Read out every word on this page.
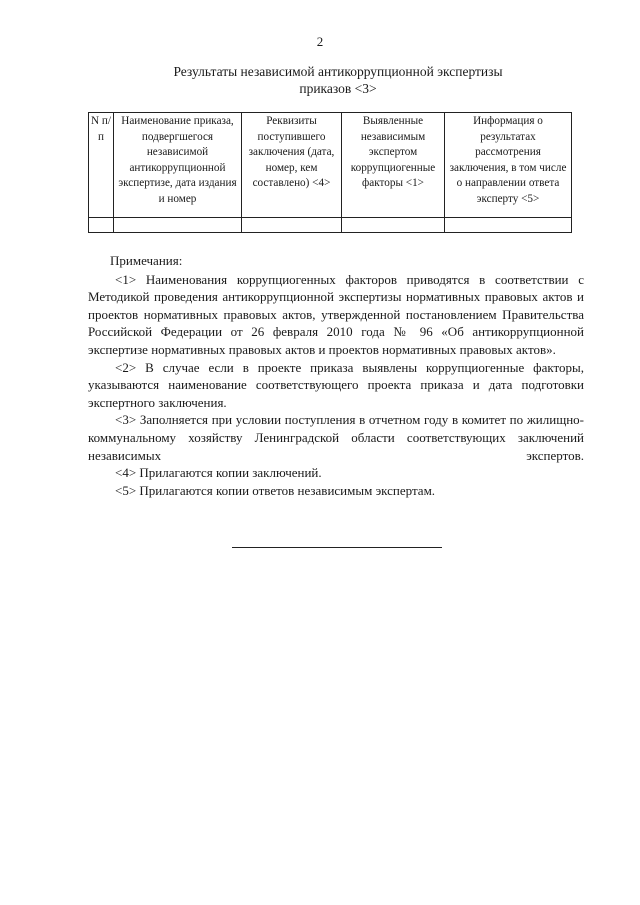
2
Результаты независимой антикоррупционной экспертизы
приказов <3>
N п/п	Наименование приказа, подвергшегося независимой антикоррупционной экспертизе, дата издания и номер	Реквизиты поступившего заключения (дата, номер, кем составлено) <4>	Выявленные независимым экспертом коррупциогенные факторы <1>	Информация о результатах рассмотрения заключения, в том числе о направлении ответа эксперту <5>

Примечания:

<1> Наименования коррупциогенных факторов приводятся в соответствии с Методикой проведения антикоррупционной экспертизы нормативных правовых актов и проектов нормативных правовых актов, утвержденной постановлением Правительства Российской Федерации от 26 февраля 2010 года № 96 «Об антикоррупционной экспертизе нормативных правовых актов и проектов нормативных правовых актов».

<2> В случае если в проекте приказа выявлены коррупциогенные факторы, указываются наименование соответствующего проекта приказа и дата подготовки экспертного заключения.

<3> Заполняется при условии поступления в отчетном году в комитет по жилищно-коммунальному хозяйству Ленинградской области соответствующих заключений независимых экспертов.

<4> Прилагаются копии заключений.

<5> Прилагаются копии ответов независимым экспертам.
